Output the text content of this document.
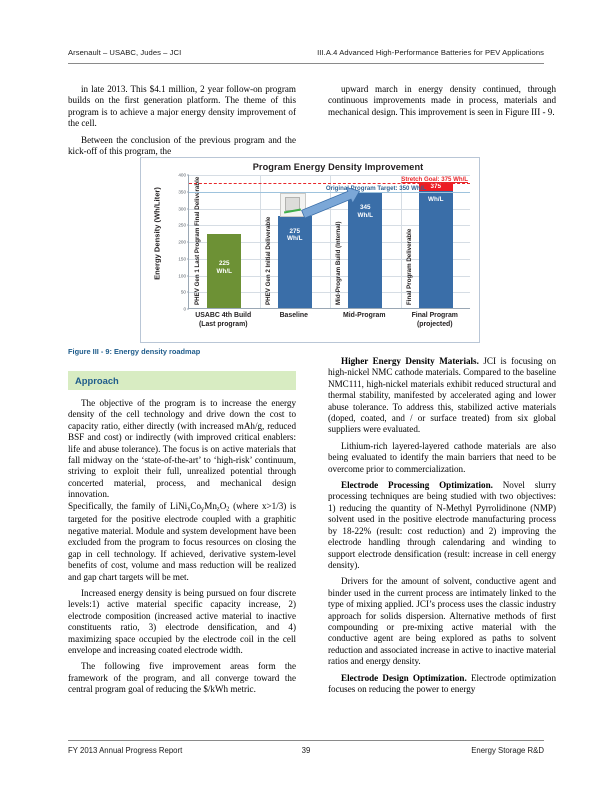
Arsenault – USABC, Judes – JCI	III.A.4 Advanced High-Performance Batteries for PEV Applications

in late 2013. This $4.1 million, 2 year follow-on program builds on the first generation platform. The theme of this program is to achieve a major energy density improvement of the cell.

Between the conclusion of the previous program and the kick-off of this program, the

upward march in energy density continued, through continuous improvements made in process, materials and mechanical design. This improvement is seen in Figure III - 9.

Program Energy Density Improvement
Energy Density (Wh/Liter)
0
50
100
150
200
250
300
350
400
225
Wh/L
PHEV Gen 1 Last Program Final Deliverable	275
Wh/L
PHEV Gen 2 Initial Deliverable
345
Wh/L
Mid-Program Build (Internal)	Final Program Deliverable
375
Wh/L
Stretch Goal: 375 Wh/L
Original Program Target: 350 Wh/L
USABC 4th Build
(Last program)
Baseline	Mid-Program	Final Program
(projected)
Figure III - 9: Energy density roadmap
Approach

The objective of the program is to increase the energy density of the cell technology and drive down the cost to capacity ratio, either directly (with increased mAh/g, reduced BSF and cost) or indirectly (with improved critical enablers: life and abuse tolerance). The focus is on active materials that fall midway on the ‘state-of-the-art’ to ‘high-risk’ continuum, striving to exploit their full, unrealized potential through concerted material, process, and mechanical design innovation.

Specifically, the family of $LiNi_xCo_yMn_zO_2$ (where x>1/3) is targeted for the positive electrode coupled with a graphitic negative material. Module and system development have been excluded from the program to focus resources on closing the gap in cell technology. If achieved, derivative system-level benefits of cost, volume and mass reduction will be realized and gap chart targets will be met.

Increased energy density is being pursued on four discrete levels:1) active material specific capacity increase, 2) electrode composition (increased active material to inactive constituents ratio, 3) electrode densification, and 4) maximizing space occupied by the electrode coil in the cell envelope and increasing coated electrode width.

The following five improvement areas form the framework of the program, and all converge toward the central program goal of reducing the $/kWh metric.

Higher Energy Density Materials. JCI is focusing on high-nickel NMC cathode materials. Compared to the baseline NMC111, high-nickel materials exhibit reduced structural and thermal stability, manifested by accelerated aging and lower abuse tolerance. To address this, stabilized active materials (doped, coated, and / or surface treated) from six global suppliers were evaluated.

Lithium-rich layered-layered cathode materials are also being evaluated to identify the main barriers that need to be overcome prior to commercialization.

Electrode Processing Optimization. Novel slurry processing techniques are being studied with two objectives: 1) reducing the quantity of N-Methyl Pyrrolidinone (NMP) solvent used in the positive electrode manufacturing process by 18-22% (result: cost reduction) and 2) improving the electrode handling through calendaring and winding to support electrode densification (result: increase in cell energy density).

Drivers for the amount of solvent, conductive agent and binder used in the current process are intimately linked to the type of mixing applied. JCI’s process uses the classic industry approach for solids dispersion. Alternative methods of first compounding or pre-mixing active material with the conductive agent are being explored as paths to solvent reduction and associated increase in active to inactive material ratios and energy density.

Electrode Design Optimization. Electrode optimization focuses on reducing the power to energy

FY 2013 Annual Progress Report	39	Energy Storage R&D
